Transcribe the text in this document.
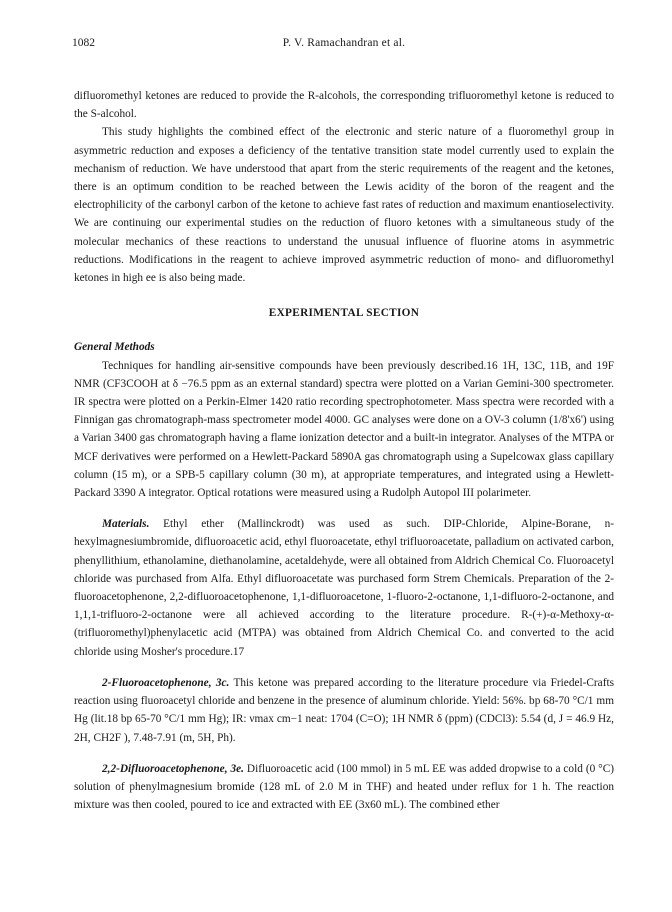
1082	P. V. Ramachandran et al.

difluoromethyl ketones are reduced to provide the R-alcohols, the corresponding trifluoromethyl ketone is reduced to the S-alcohol.

This study highlights the combined effect of the electronic and steric nature of a fluoromethyl group in asymmetric reduction and exposes a deficiency of the tentative transition state model currently used to explain the mechanism of reduction. We have understood that apart from the steric requirements of the reagent and the ketones, there is an optimum condition to be reached between the Lewis acidity of the boron of the reagent and the electrophilicity of the carbonyl carbon of the ketone to achieve fast rates of reduction and maximum enantioselectivity. We are continuing our experimental studies on the reduction of fluoro ketones with a simultaneous study of the molecular mechanics of these reactions to understand the unusual influence of fluorine atoms in asymmetric reductions. Modifications in the reagent to achieve improved asymmetric reduction of mono- and difluoromethyl ketones in high ee is also being made.

EXPERIMENTAL SECTION
General Methods

Techniques for handling air-sensitive compounds have been previously described.16 1H, 13C, 11B, and 19F NMR (CF3COOH at δ −76.5 ppm as an external standard) spectra were plotted on a Varian Gemini-300 spectrometer. IR spectra were plotted on a Perkin-Elmer 1420 ratio recording spectrophotometer. Mass spectra were recorded with a Finnigan gas chromatograph-mass spectrometer model 4000. GC analyses were done on a OV-3 column (1/8'x6') using a Varian 3400 gas chromatograph having a flame ionization detector and a built-in integrator. Analyses of the MTPA or MCF derivatives were performed on a Hewlett-Packard 5890A gas chromatograph using a Supelcowax glass capillary column (15 m), or a SPB-5 capillary column (30 m), at appropriate temperatures, and integrated using a Hewlett-Packard 3390 A integrator. Optical rotations were measured using a Rudolph Autopol III polarimeter.

Materials. Ethyl ether (Mallinckrodt) was used as such. DIP-Chloride, Alpine-Borane, n-hexylmagnesiumbromide, difluoroacetic acid, ethyl fluoroacetate, ethyl trifluoroacetate, palladium on activated carbon, phenyllithium, ethanolamine, diethanolamine, acetaldehyde, were all obtained from Aldrich Chemical Co. Fluoroacetyl chloride was purchased from Alfa. Ethyl difluoroacetate was purchased form Strem Chemicals. Preparation of the 2-fluoroacetophenone, 2,2-difluoroacetophenone, 1,1-difluoroacetone, 1-fluoro-2-octanone, 1,1-difluoro-2-octanone, and 1,1,1-trifluoro-2-octanone were all achieved according to the literature procedure. R-(+)-α-Methoxy-α-(trifluoromethyl)phenylacetic acid (MTPA) was obtained from Aldrich Chemical Co. and converted to the acid chloride using Mosher's procedure.17

2-Fluoroacetophenone, 3c. This ketone was prepared according to the literature procedure via Friedel-Crafts reaction using fluoroacetyl chloride and benzene in the presence of aluminum chloride. Yield: 56%. bp 68-70 °C/1 mm Hg (lit.18 bp 65-70 °C/1 mm Hg); IR: νmax cm−1 neat: 1704 (C=O); 1H NMR δ (ppm) (CDCl3): 5.54 (d, J = 46.9 Hz, 2H, CH2F ), 7.48-7.91 (m, 5H, Ph).

2,2-Difluoroacetophenone, 3e. Difluoroacetic acid (100 mmol) in 5 mL EE was added dropwise to a cold (0 °C) solution of phenylmagnesium bromide (128 mL of 2.0 M in THF) and heated under reflux for 1 h. The reaction mixture was then cooled, poured to ice and extracted with EE (3x60 mL). The combined ether
